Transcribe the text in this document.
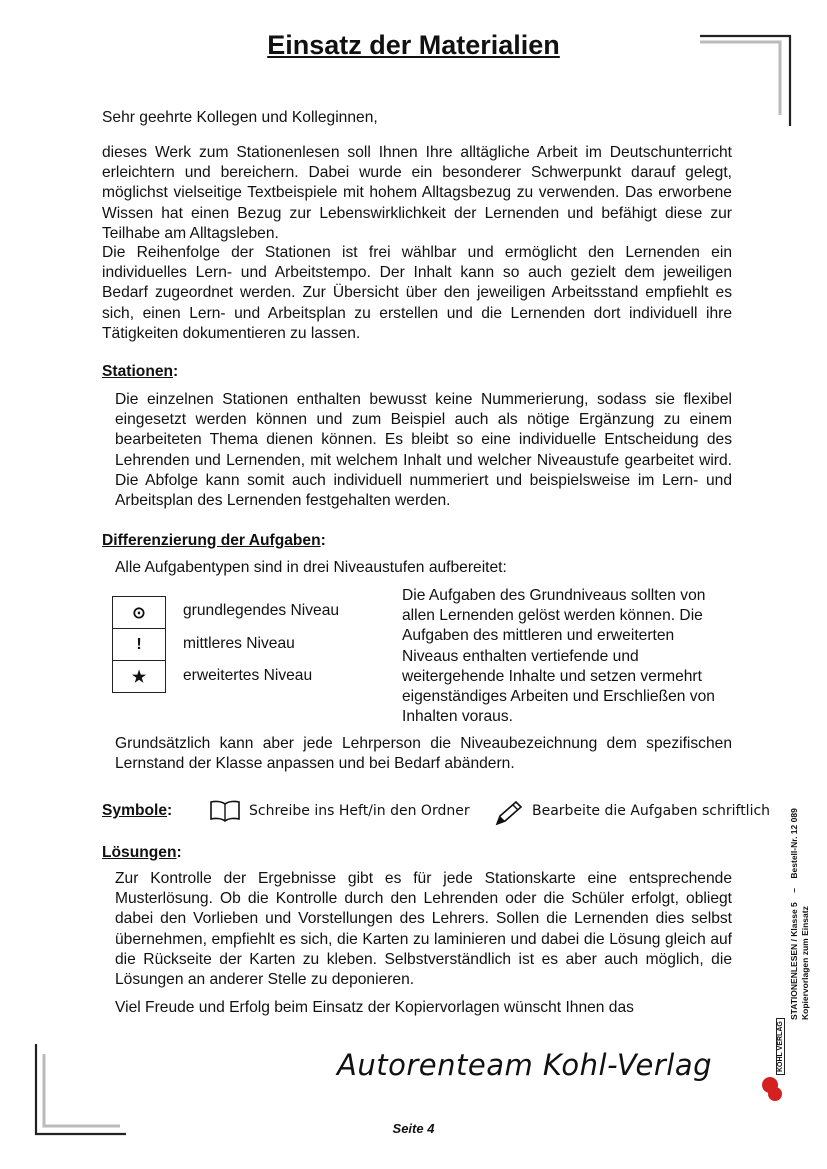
Einsatz der Materialien
Sehr geehrte Kollegen und Kolleginnen,
dieses Werk zum Stationenlesen soll Ihnen Ihre alltägliche Arbeit im Deutschunterricht erleichtern und bereichern. Dabei wurde ein besonderer Schwerpunkt darauf gelegt, möglichst vielseitige Textbeispiele mit hohem Alltagsbezug zu verwenden. Das erworbene Wissen hat einen Bezug zur Lebenswirklichkeit der Lernenden und befähigt diese zur Teilhabe am Alltagsleben.
Die Reihenfolge der Stationen ist frei wählbar und ermöglicht den Lernenden ein individuelles Lern- und Arbeitstempo. Der Inhalt kann so auch gezielt dem jeweiligen Bedarf zugeordnet werden. Zur Übersicht über den jeweiligen Arbeitsstand empfiehlt es sich, einen Lern- und Arbeitsplan zu erstellen und die Lernenden dort individuell ihre Tätigkeiten dokumentieren zu lassen.
Stationen:
Die einzelnen Stationen enthalten bewusst keine Nummerierung, sodass sie flexibel eingesetzt werden können und zum Beispiel auch als nötige Ergänzung zu einem bearbeiteten Thema dienen können. Es bleibt so eine individuelle Entscheidung des Lehrenden und Lernenden, mit welchem Inhalt und welcher Niveaustufe gearbeitet wird. Die Abfolge kann somit auch individuell nummeriert und beispielsweise im Lern- und Arbeitsplan des Lernenden festgehalten werden.
Differenzierung der Aufgaben:
Alle Aufgabentypen sind in drei Niveaustufen aufbereitet:
⊙
!
★
grundlegendes Niveau
mittleres Niveau
erweitertes Niveau
Die Aufgaben des Grundniveaus sollten von allen Lernenden gelöst werden können. Die Aufgaben des mittleren und erweiterten Niveaus enthalten vertiefende und weitergehende Inhalte und setzen vermehrt eigenständiges Arbeiten und Erschließen von Inhalten voraus.
Grundsätzlich kann aber jede Lehrperson die Niveaubezeichnung dem spezifischen Lernstand der Klasse anpassen und bei Bedarf abändern.
Symbole:	Schreibe ins Heft/in den Ordner	Bearbeite die Aufgaben schriftlich
Lösungen:
Zur Kontrolle der Ergebnisse gibt es für jede Stationskarte eine entsprechende Musterlösung. Ob die Kontrolle durch den Lehrenden oder die Schüler erfolgt, obliegt dabei den Vorlieben und Vorstellungen des Lehrers. Sollen die Lernenden dies selbst übernehmen, empfiehlt es sich, die Karten zu laminieren und dabei die Lösung gleich auf die Rückseite der Karten zu kleben. Selbstverständlich ist es aber auch möglich, die Lösungen an anderer Stelle zu deponieren.
Viel Freude und Erfolg beim Einsatz der Kopiervorlagen wünscht Ihnen das
Autorenteam Kohl-Verlag
STATIONENLESEN / Klasse 5    –    Bestell-Nr. 12 089
Kopiervorlagen zum Einsatz
KOHL VERLAG
Seite 4
